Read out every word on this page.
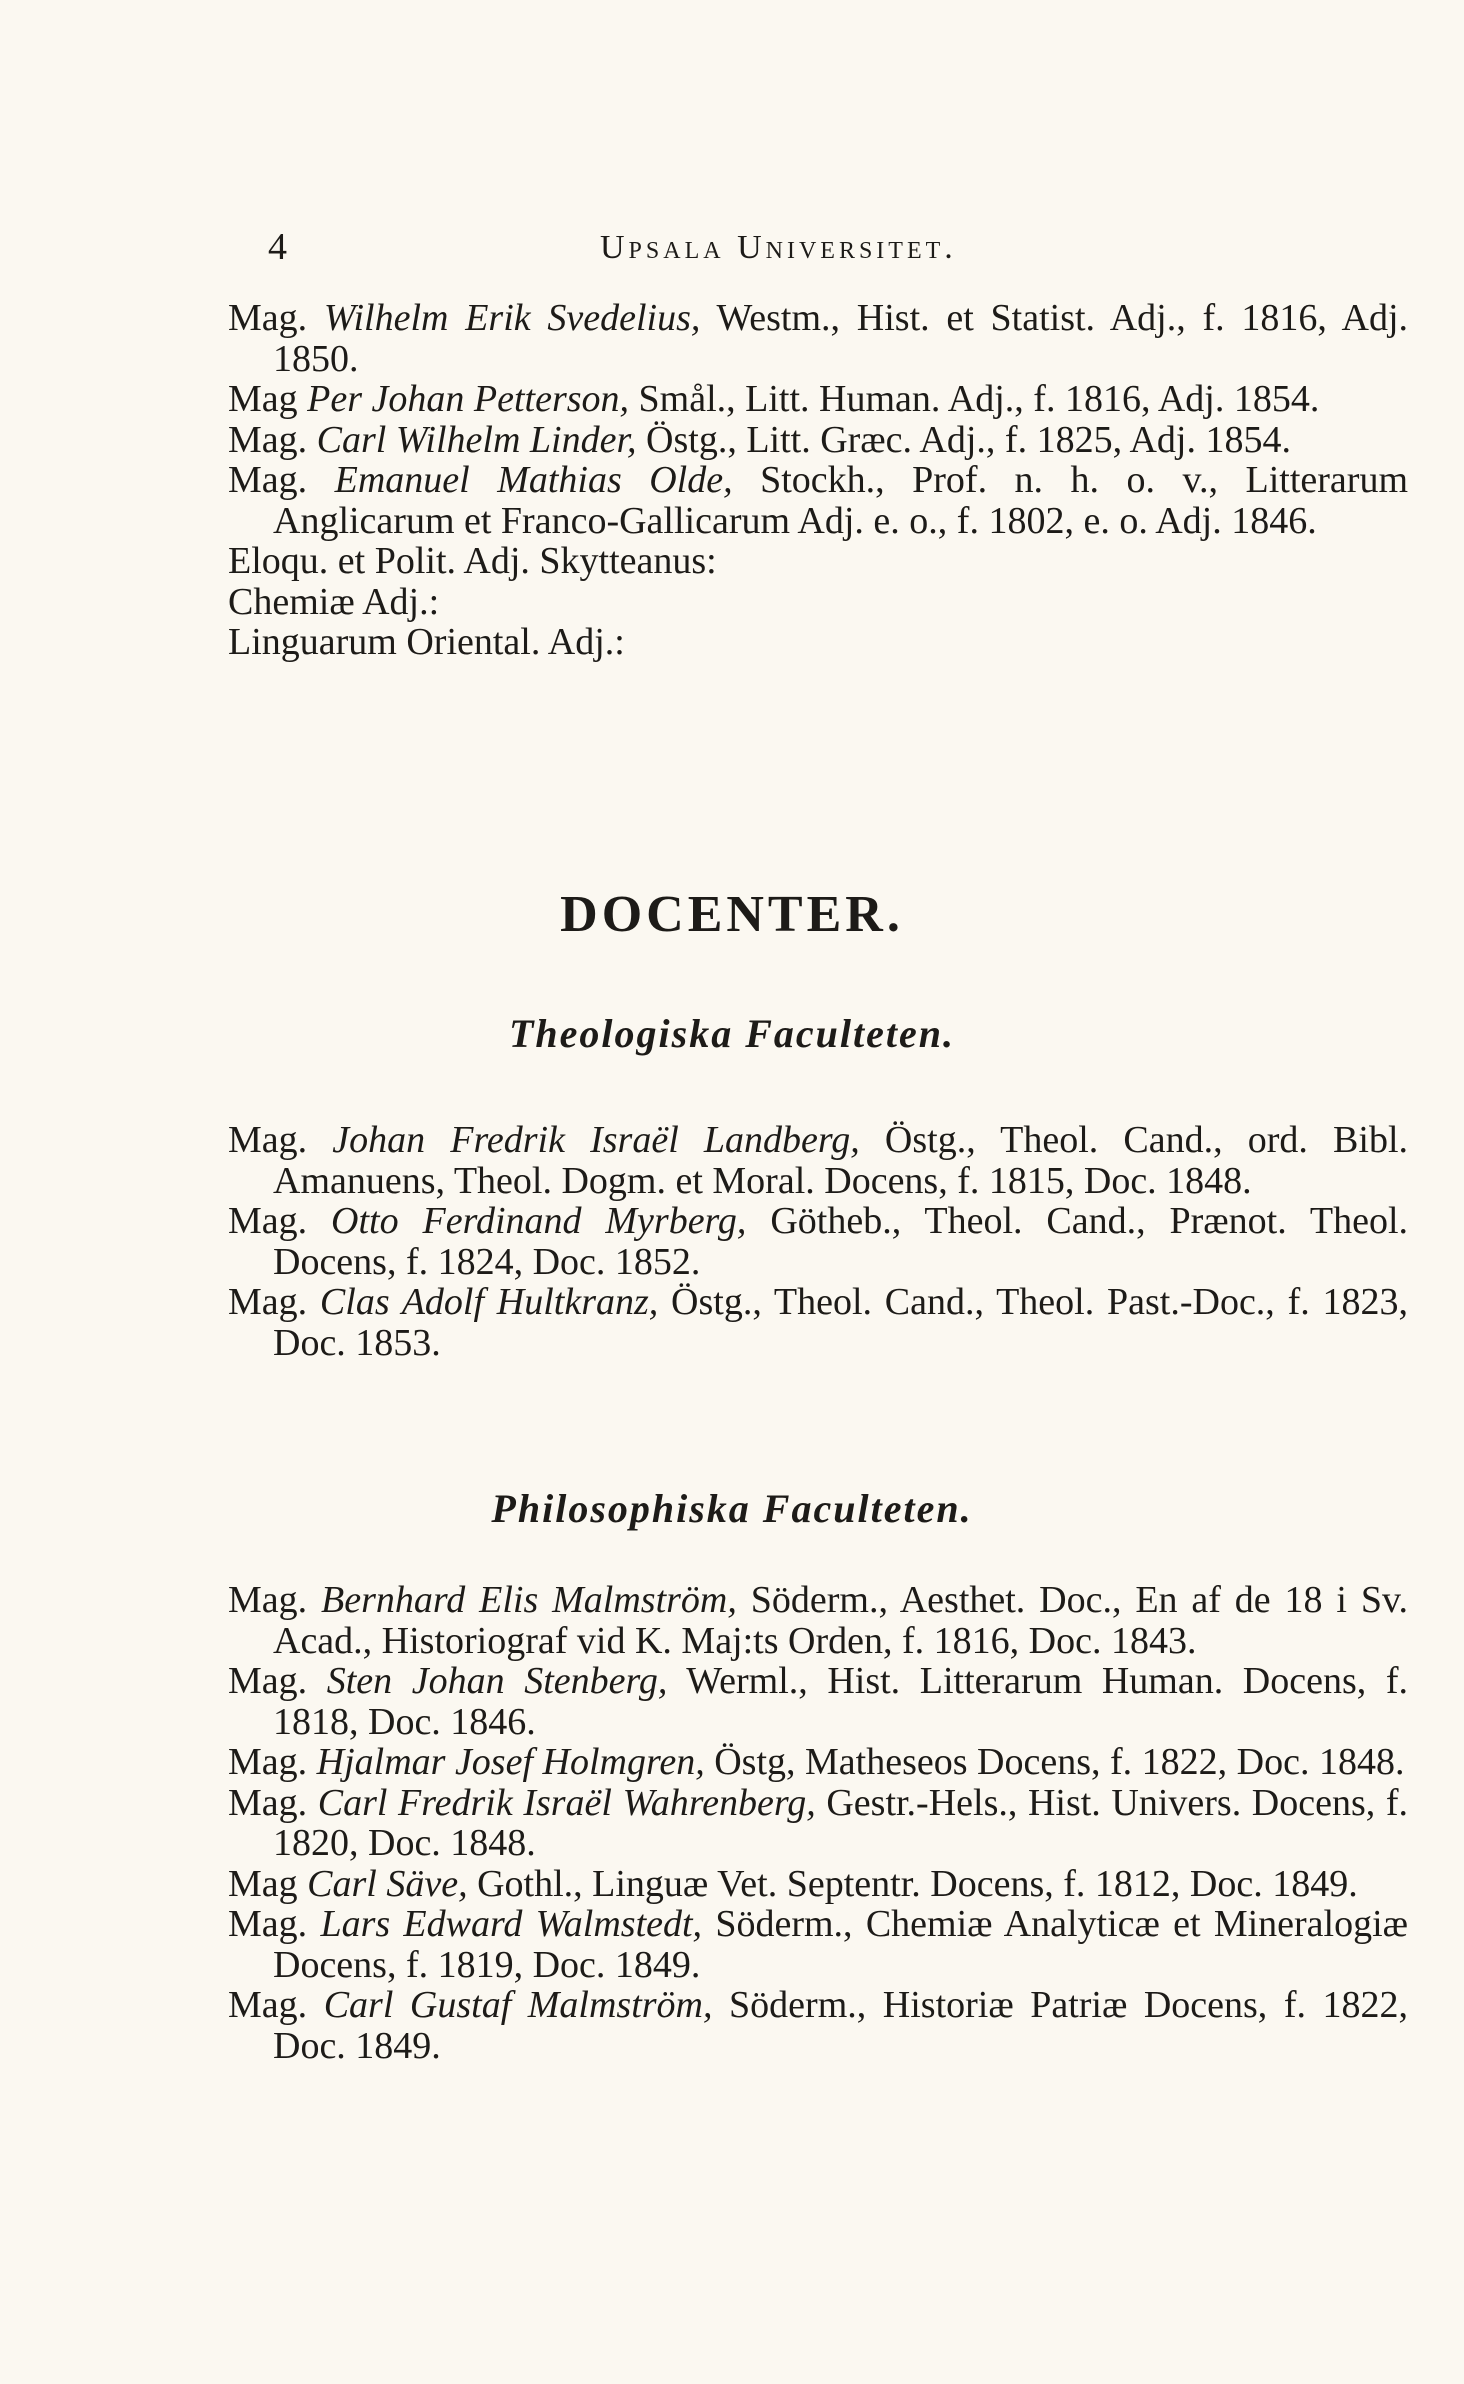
4	Upsala Universitet.

Mag. Wilhelm Erik Svedelius, Westm., Hist. et Statist. Adj., f. 1816, Adj. 1850.

Mag Per Johan Petterson, Smål., Litt. Human. Adj., f. 1816, Adj. 1854.

Mag. Carl Wilhelm Linder, Östg., Litt. Græc. Adj., f. 1825, Adj. 1854.

Mag. Emanuel Mathias Olde, Stockh., Prof. n. h. o. v., Litterarum Anglicarum et Franco-Gallicarum Adj. e. o., f. 1802, e. o. Adj. 1846.

Eloqu. et Polit. Adj. Skytteanus:

Chemiæ Adj.:

Linguarum Oriental. Adj.:

DOCENTER.
Theologiska Faculteten.

Mag. Johan Fredrik Israël Landberg, Östg., Theol. Cand., ord. Bibl. Amanuens, Theol. Dogm. et Moral. Docens, f. 1815, Doc. 1848.

Mag. Otto Ferdinand Myrberg, Götheb., Theol. Cand., Prænot. Theol. Docens, f. 1824, Doc. 1852.

Mag. Clas Adolf Hultkranz, Östg., Theol. Cand., Theol. Past.-Doc., f. 1823, Doc. 1853.

Philosophiska Faculteten.

Mag. Bernhard Elis Malmström, Söderm., Aesthet. Doc., En af de 18 i Sv. Acad., Historiograf vid K. Maj:ts Orden, f. 1816, Doc. 1843.

Mag. Sten Johan Stenberg, Werml., Hist. Litterarum Human. Docens, f. 1818, Doc. 1846.

Mag. Hjalmar Josef Holmgren, Östg, Matheseos Docens, f. 1822, Doc. 1848.

Mag. Carl Fredrik Israël Wahrenberg, Gestr.-Hels., Hist. Univers. Docens, f. 1820, Doc. 1848.

Mag Carl Säve, Gothl., Linguæ Vet. Septentr. Docens, f. 1812, Doc. 1849.

Mag. Lars Edward Walmstedt, Söderm., Chemiæ Analyticæ et Mineralogiæ Docens, f. 1819, Doc. 1849.

Mag. Carl Gustaf Malmström, Söderm., Historiæ Patriæ Docens, f. 1822, Doc. 1849.
